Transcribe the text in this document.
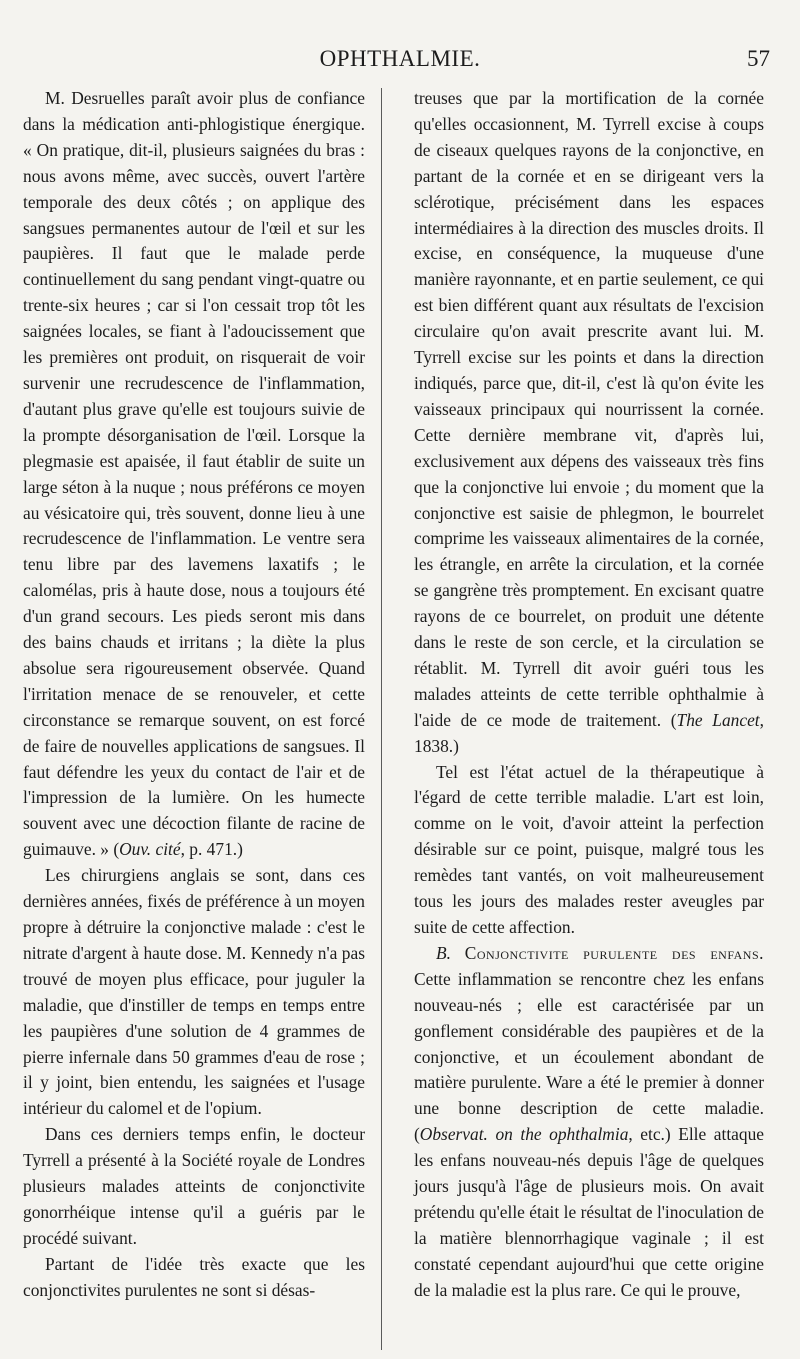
OPHTHALMIE.	57

M. Desruelles paraît avoir plus de confiance dans la médication anti-phlogistique énergique. « On pratique, dit-il, plusieurs saignées du bras : nous avons même, avec succès, ouvert l'artère temporale des deux côtés ; on applique des sangsues permanentes autour de l'œil et sur les paupières. Il faut que le malade perde continuellement du sang pendant vingt-quatre ou trente-six heures ; car si l'on cessait trop tôt les saignées locales, se fiant à l'adoucissement que les premières ont produit, on risquerait de voir survenir une recrudescence de l'inflammation, d'autant plus grave qu'elle est toujours suivie de la prompte désorganisation de l'œil. Lorsque la plegmasie est apaisée, il faut établir de suite un large séton à la nuque ; nous préférons ce moyen au vésicatoire qui, très souvent, donne lieu à une recrudescence de l'inflammation. Le ventre sera tenu libre par des lavemens laxatifs ; le calomélas, pris à haute dose, nous a toujours été d'un grand secours. Les pieds seront mis dans des bains chauds et irritans ; la diète la plus absolue sera rigoureusement observée. Quand l'irritation menace de se renouveler, et cette circonstance se remarque souvent, on est forcé de faire de nouvelles applications de sangsues. Il faut défendre les yeux du contact de l'air et de l'impression de la lumière. On les humecte souvent avec une décoction filante de racine de guimauve. » (Ouv. cité, p. 471.)

Les chirurgiens anglais se sont, dans ces dernières années, fixés de préférence à un moyen propre à détruire la conjonctive malade : c'est le nitrate d'argent à haute dose. M. Kennedy n'a pas trouvé de moyen plus efficace, pour juguler la maladie, que d'instiller de temps en temps entre les paupières d'une solution de 4 grammes de pierre infernale dans 50 grammes d'eau de rose ; il y joint, bien entendu, les saignées et l'usage intérieur du calomel et de l'opium.

Dans ces derniers temps enfin, le docteur Tyrrell a présenté à la Société royale de Londres plusieurs malades atteints de conjonctivite gonorrhéique intense qu'il a guéris par le procédé suivant.

Partant de l'idée très exacte que les conjonctivites purulentes ne sont si désas-

treuses que par la mortification de la cornée qu'elles occasionnent, M. Tyrrell excise à coups de ciseaux quelques rayons de la conjonctive, en partant de la cornée et en se dirigeant vers la sclérotique, précisément dans les espaces intermédiaires à la direction des muscles droits. Il excise, en conséquence, la muqueuse d'une manière rayonnante, et en partie seulement, ce qui est bien différent quant aux résultats de l'excision circulaire qu'on avait prescrite avant lui. M. Tyrrell excise sur les points et dans la direction indiqués, parce que, dit-il, c'est là qu'on évite les vaisseaux principaux qui nourrissent la cornée. Cette dernière membrane vit, d'après lui, exclusivement aux dépens des vaisseaux très fins que la conjonctive lui envoie ; du moment que la conjonctive est saisie de phlegmon, le bourrelet comprime les vaisseaux alimentaires de la cornée, les étrangle, en arrête la circulation, et la cornée se gangrène très promptement. En excisant quatre rayons de ce bourrelet, on produit une détente dans le reste de son cercle, et la circulation se rétablit. M. Tyrrell dit avoir guéri tous les malades atteints de cette terrible ophthalmie à l'aide de ce mode de traitement. (The Lancet, 1838.)

Tel est l'état actuel de la thérapeutique à l'égard de cette terrible maladie. L'art est loin, comme on le voit, d'avoir atteint la perfection désirable sur ce point, puisque, malgré tous les remèdes tant vantés, on voit malheureusement tous les jours des malades rester aveugles par suite de cette affection.

B. Conjonctivite purulente des enfans. Cette inflammation se rencontre chez les enfans nouveau-nés ; elle est caractérisée par un gonflement considérable des paupières et de la conjonctive, et un écoulement abondant de matière purulente. Ware a été le premier à donner une bonne description de cette maladie. (Observat. on the ophthalmia, etc.) Elle attaque les enfans nouveau-nés depuis l'âge de quelques jours jusqu'à l'âge de plusieurs mois. On avait prétendu qu'elle était le résultat de l'inoculation de la matière blennorrhagique vaginale ; il est constaté cependant aujourd'hui que cette origine de la maladie est la plus rare. Ce qui le prouve,
